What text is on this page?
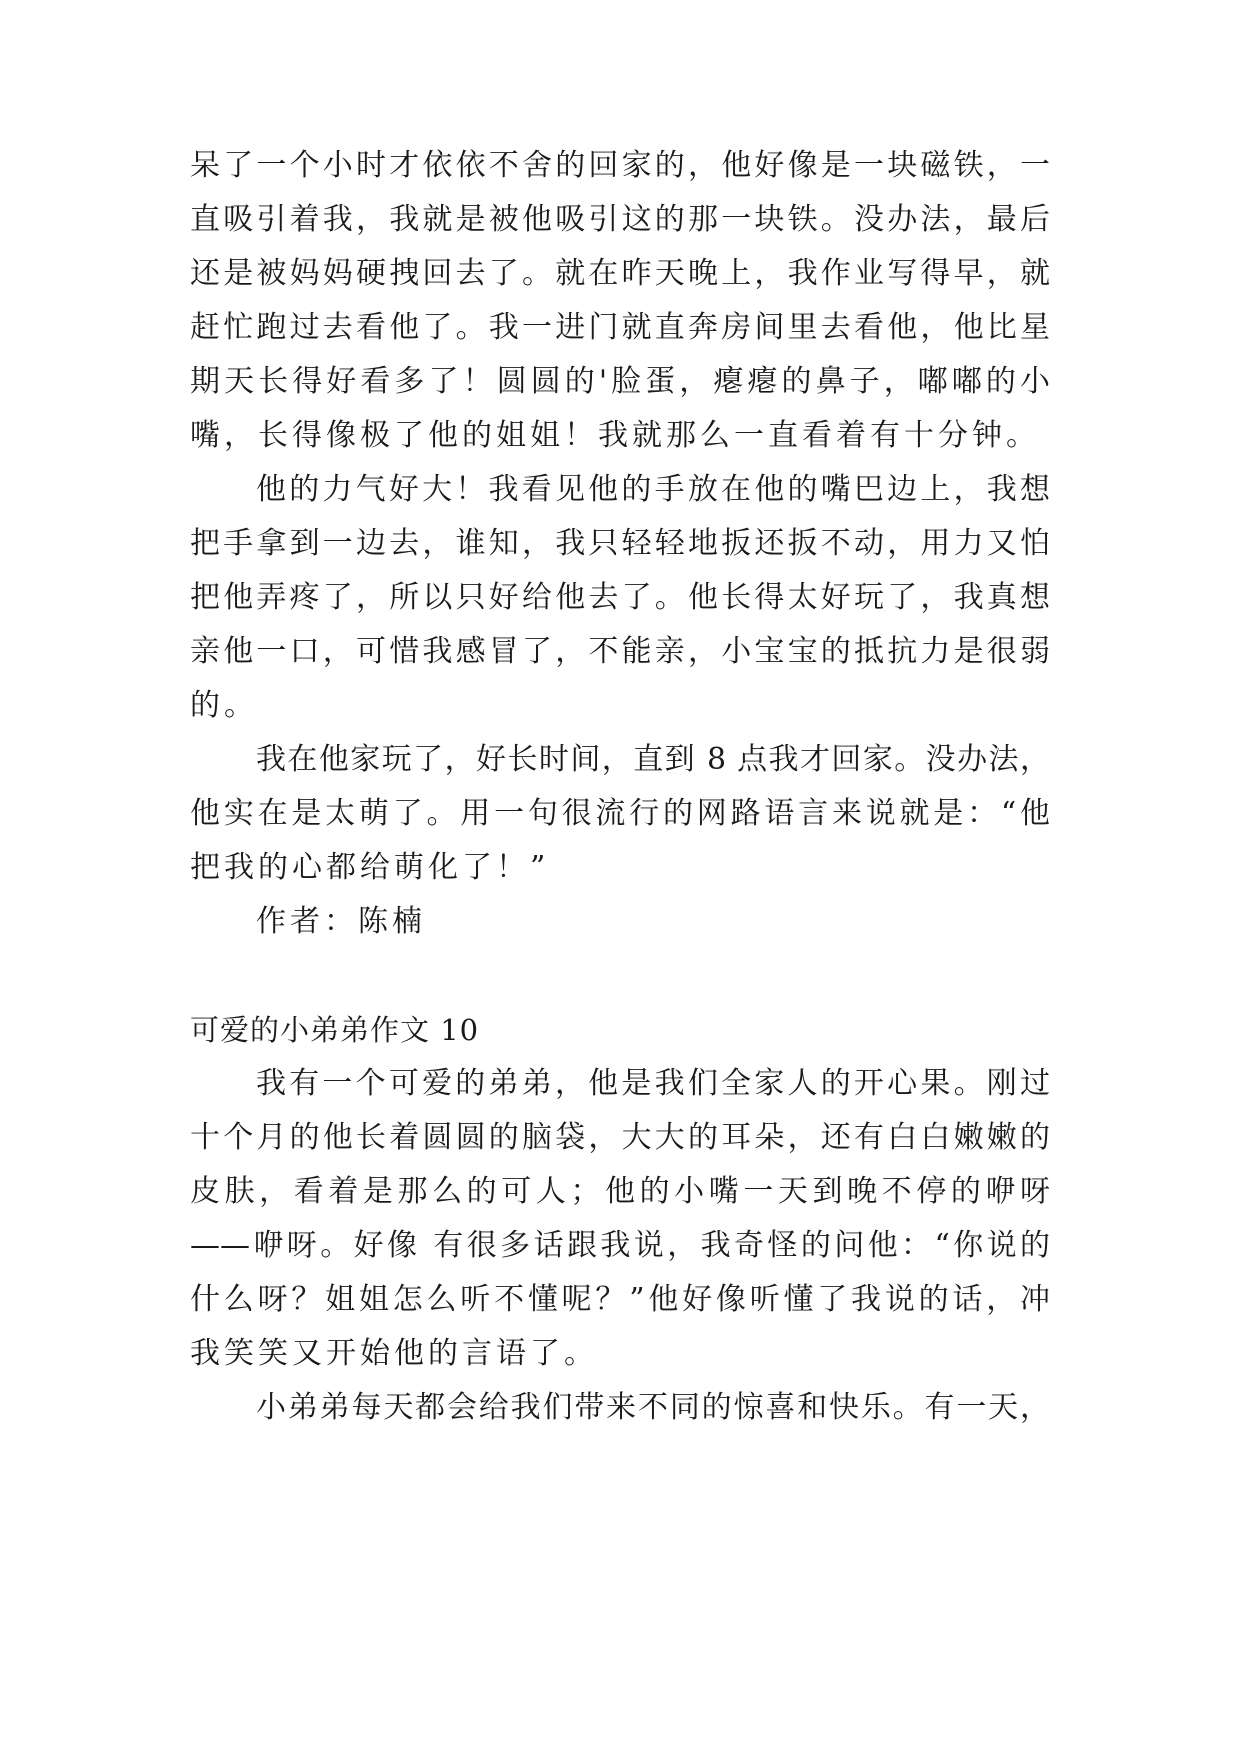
呆了一个小时才依依不舍的回家的，他好像是一块磁铁，一
直吸引着我，我就是被他吸引这的那一块铁。没办法，最后
还是被妈妈硬拽回去了。就在昨天晚上，我作业写得早，就
赶忙跑过去看他了。我一进门就直奔房间里去看他，他比星
期天长得好看多了！圆圆的'脸蛋，瘪瘪的鼻子，嘟嘟的小
嘴，长得像极了他的姐姐！我就那么一直看着有十分钟。
他的力气好大！我看见他的手放在他的嘴巴边上，我想
把手拿到一边去，谁知，我只轻轻地扳还扳不动，用力又怕
把他弄疼了，所以只好给他去了。他长得太好玩了，我真想
亲他一口，可惜我感冒了，不能亲，小宝宝的抵抗力是很弱
的。
我在他家玩了，好长时间，直到 8 点我才回家。没办法，
他实在是太萌了。用一句很流行的网路语言来说就是：“他
把我的心都给萌化了！”
作者：陈楠
可爱的小弟弟作文 10
我有一个可爱的弟弟，他是我们全家人的开心果。刚过
十个月的他长着圆圆的脑袋，大大的耳朵，还有白白嫩嫩的
皮肤，看着是那么的可人；他的小嘴一天到晚不停的咿呀
——咿呀。好像 有很多话跟我说，我奇怪的问他：“你说的
什么呀？姐姐怎么听不懂呢？”他好像听懂了我说的话，冲
我笑笑又开始他的言语了。
小弟弟每天都会给我们带来不同的惊喜和快乐。有一天，
